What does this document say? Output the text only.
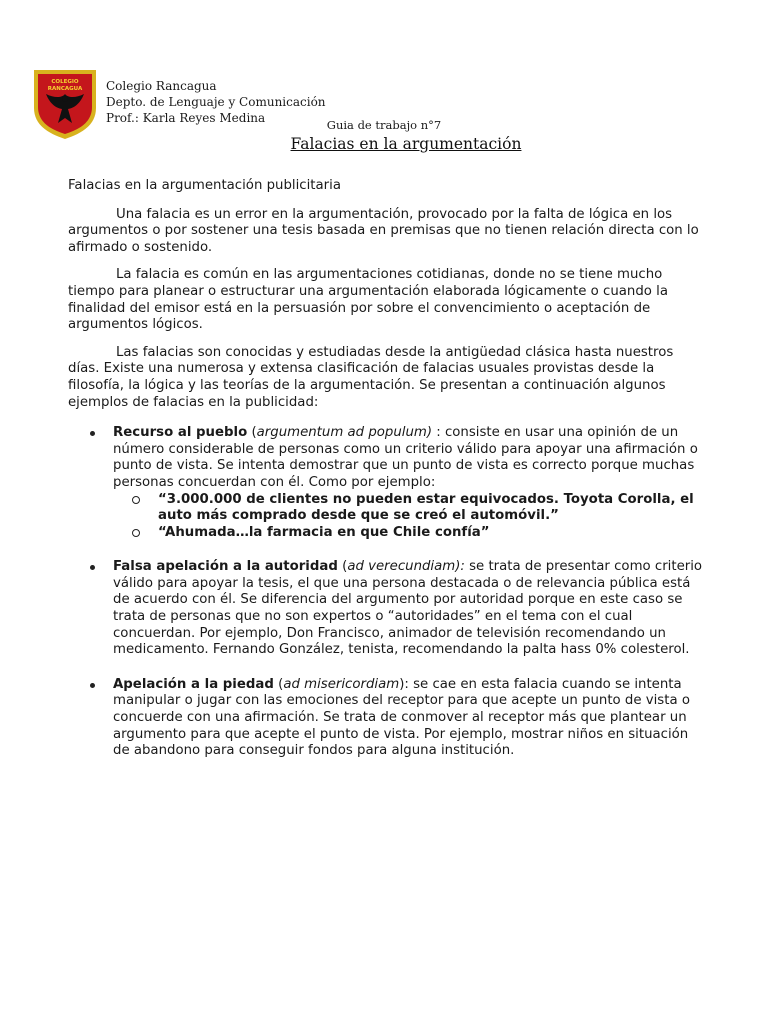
COLEGIO
RANCAGUA Colegio Rancagua
Depto. de Lenguaje y Comunicación
Prof.: Karla Reyes Medina	Guia de trabajo n°7
Falacias en la argumentación

Falacias en la argumentación publicitaria

Una falacia es un error en la argumentación, provocado por la falta de lógica en los argumentos o por sostener una tesis basada en premisas que no tienen relación directa con lo afirmado o sostenido.

La falacia es común en las argumentaciones cotidianas, donde no se tiene mucho tiempo para planear o estructurar una argumentación elaborada lógicamente o cuando la finalidad del emisor está en la persuasión por sobre el convencimiento o aceptación de argumentos lógicos.

Las falacias son conocidas y estudiadas desde la antigüedad clásica hasta nuestros días. Existe una numerosa y extensa clasificación de falacias usuales provistas desde la filosofía, la lógica y las teorías de la argumentación. Se presentan a continuación algunos ejemplos de falacias en la publicidad:

Recurso al pueblo (argumentum ad populum) : consiste en usar una opinión de un número considerable de personas como un criterio válido para apoyar una afirmación o punto de vista. Se intenta demostrar que un punto de vista es correcto porque muchas personas concuerdan con él. Como por ejemplo:
“3.000.000 de clientes no pueden estar equivocados. Toyota Corolla, el auto más comprado desde que se creó el automóvil.”
“Ahumada…la farmacia en que Chile confía”
Falsa apelación a la autoridad (ad verecundiam): se trata de presentar como criterio válido para apoyar la tesis, el que una persona destacada o de relevancia pública está de acuerdo con él. Se diferencia del argumento por autoridad porque en este caso se trata de personas que no son expertos o “autoridades” en el tema con el cual concuerdan. Por ejemplo, Don Francisco, animador de televisión recomendando un medicamento. Fernando González, tenista, recomendando la palta hass 0% colesterol.
Apelación a la piedad (ad misericordiam): se cae en esta falacia cuando se intenta manipular o jugar con las emociones del receptor para que acepte un punto de vista o concuerde con una afirmación. Se trata de conmover al receptor más que plantear un argumento para que acepte el punto de vista. Por ejemplo, mostrar niños en situación de abandono para conseguir fondos para alguna institución.
